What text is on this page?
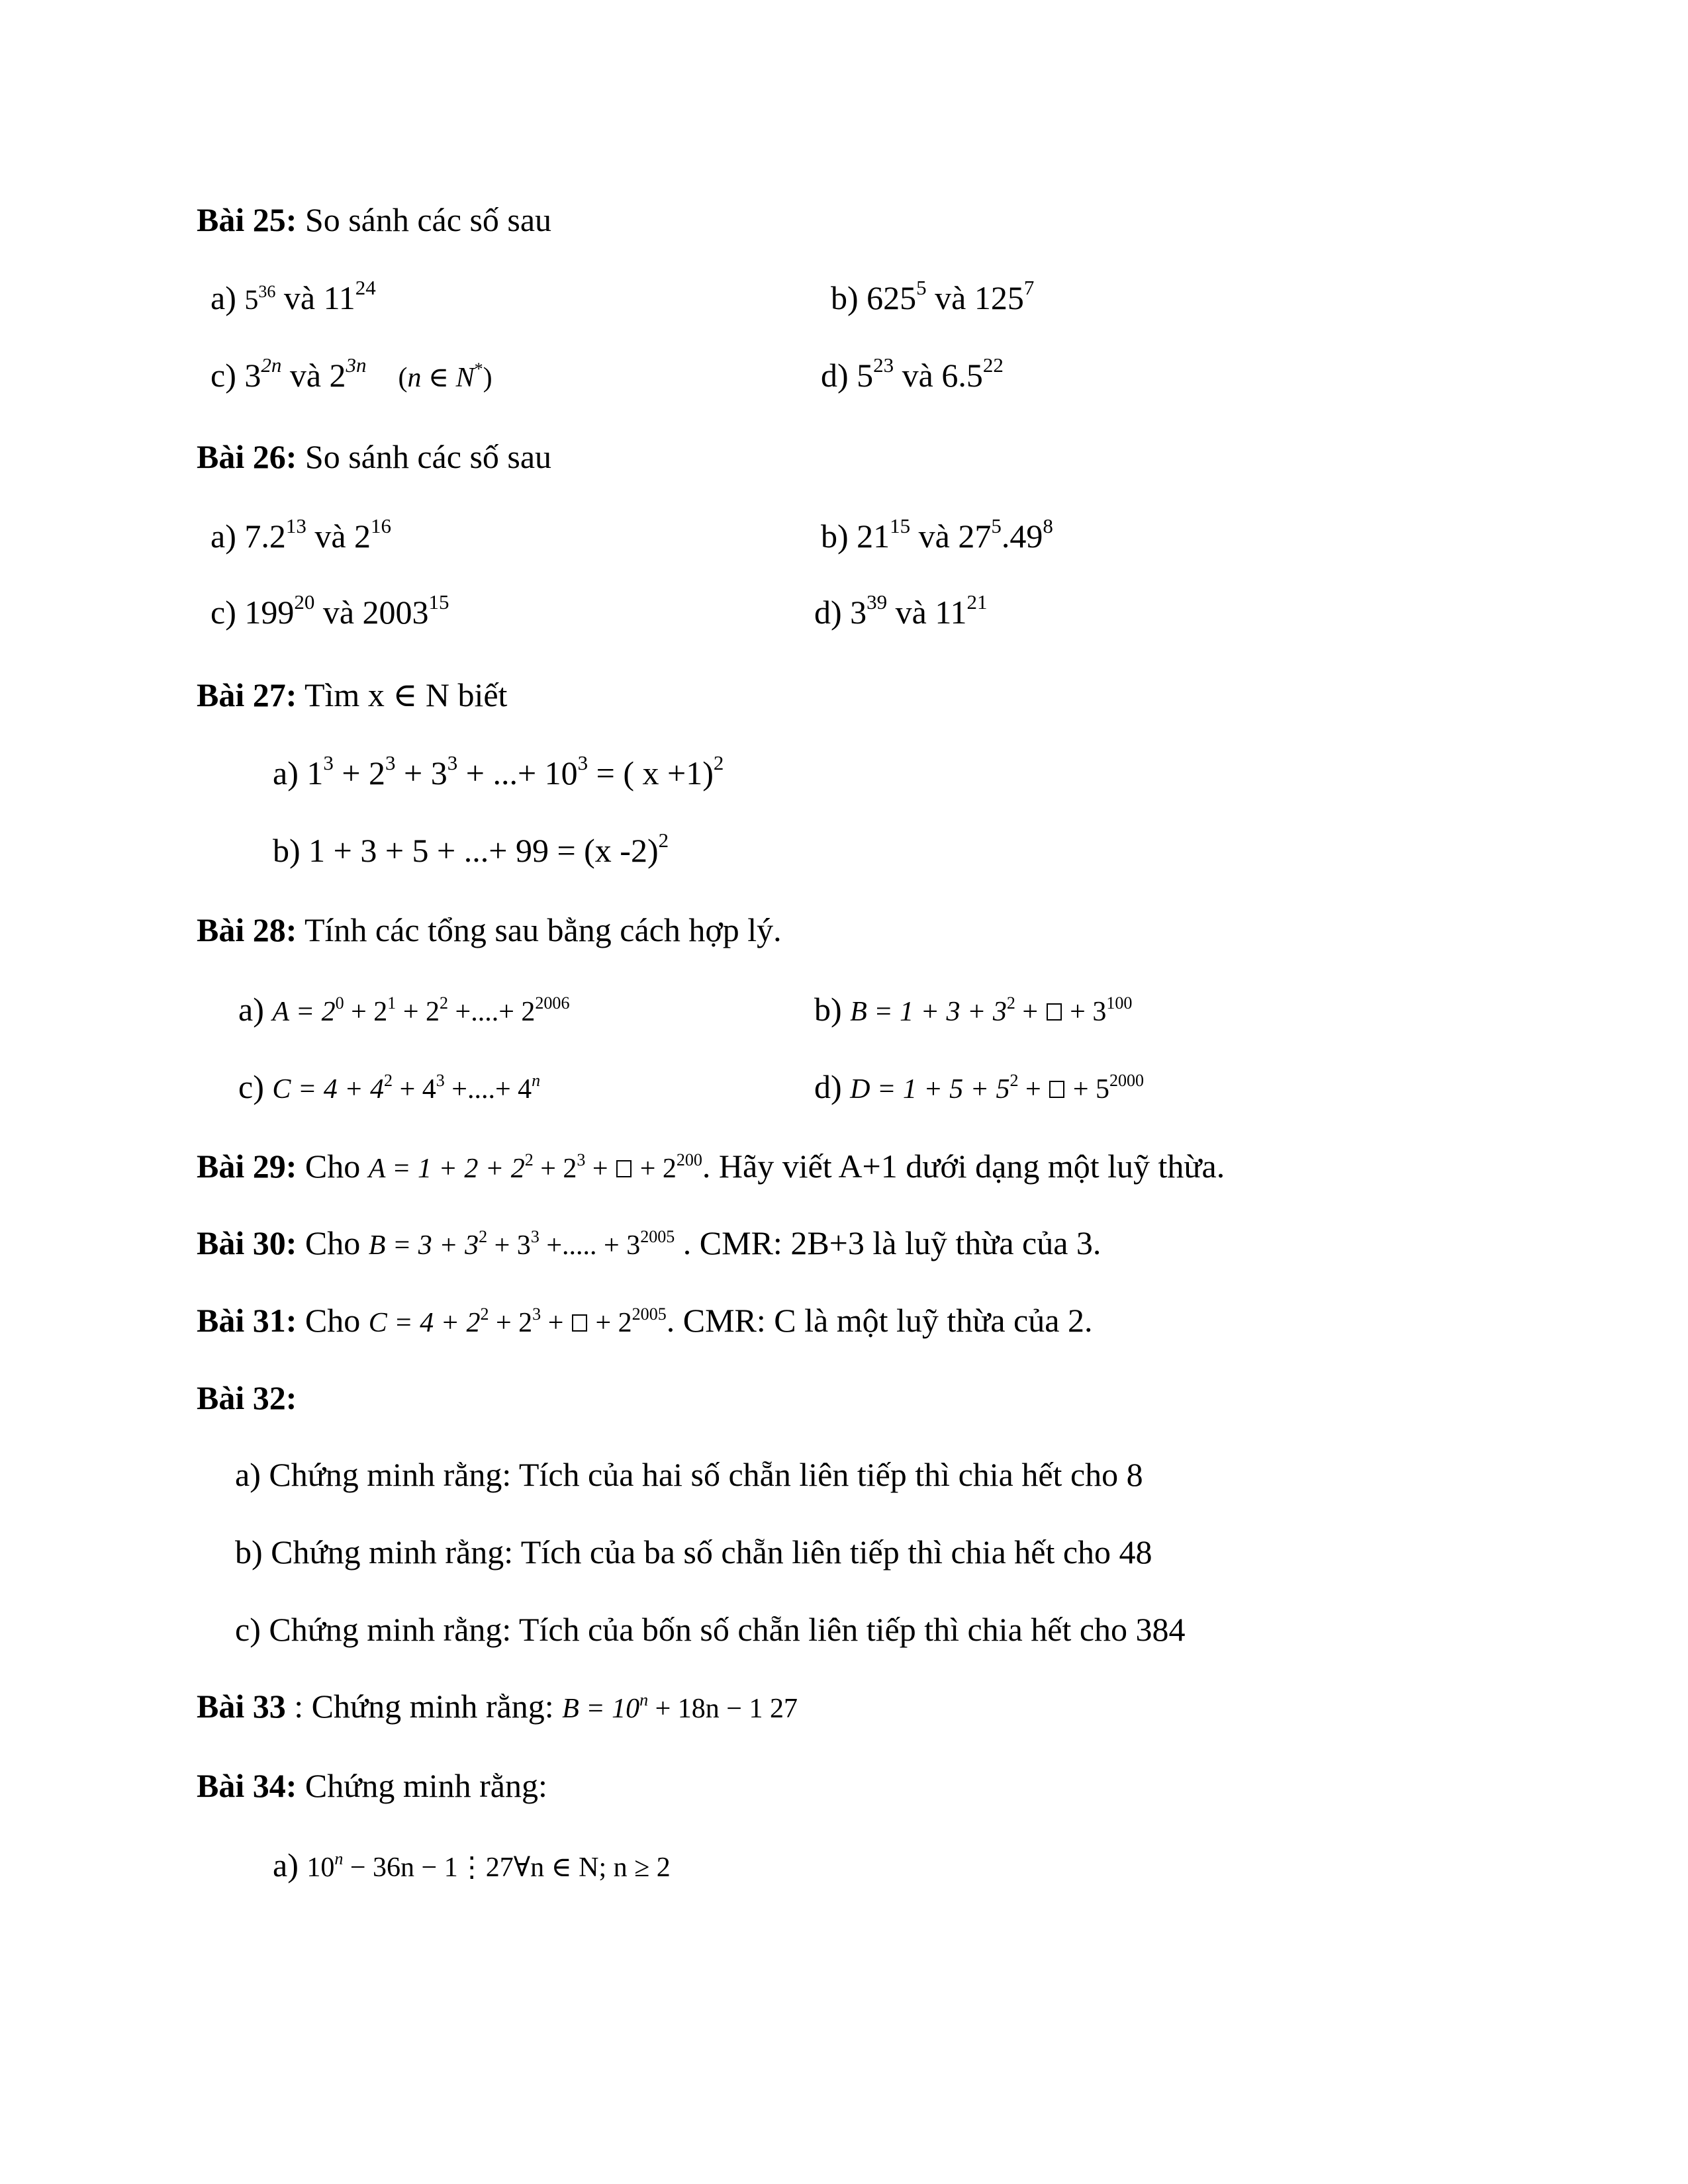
Bài 25: So sánh các số sau
a) $5^{36}$ và $11^{24}$	b) $625^5$ và $125^7$
c) $3^{2n}$ và $2^{3n}$ (n ∈ N*)	d) $5^{23}$ và $6.5^{22}$
Bài 26: So sánh các số sau
a) $7.2^{13}$ và $2^{16}$	b) $21^{15}$ và $27^5.49^8$
c) $199^{20}$ và 2003$^{15}$	d) $3^{39}$ và $11^{21}$
Bài 27: Tìm x ∈ N biết
a) $1^3 + 2^3 + 3^3$ + ...+ $10^3$ = ( x +1)$^2$
b) 1 + 3 + 5 + ...+ 99 = (x -2)$^2$
Bài 28: Tính các tổng sau bằng cách hợp lý.
a) $A = 2^0 + 2^1 + 2^2$ +....+ $2^{2006}$	b) $B = 1 + 3 + 3^2$ +  + $3^{100}$
c) $C = 4 + 4^2 + 4^3$ +....+ $4^n$	d) $D = 1 + 5 + 5^2$ +  + $5^{2000}$
Bài 29: Cho $A = 1 + 2 + 2^2 + 2^3$ +  + $2^{200}$. Hãy viết A+1 dưới dạng một luỹ thừa.
Bài 30: Cho $B = 3 + 3^2 + 3^3$ +..... + $3^{2005}$ . CMR: 2B+3 là luỹ thừa của 3.
Bài 31: Cho $C = 4 + 2^2 + 2^3$ +  + $2^{2005}$. CMR: C là một luỹ thừa của 2.
Bài 32:
a) Chứng minh rằng: Tích của hai số chẵn liên tiếp thì chia hết cho 8
b) Chứng minh rằng: Tích của ba số chẵn liên tiếp thì chia hết cho 48
c) Chứng minh rằng: Tích của bốn số chẵn liên tiếp thì chia hết cho 384
Bài 33 : Chứng minh rằng: $B = 10^n + 18n - 1$ 27
Bài 34: Chứng minh rằng:
a) $10^n - 36n$ − 1⋮27∀n ∈ N; n ≥ 2
